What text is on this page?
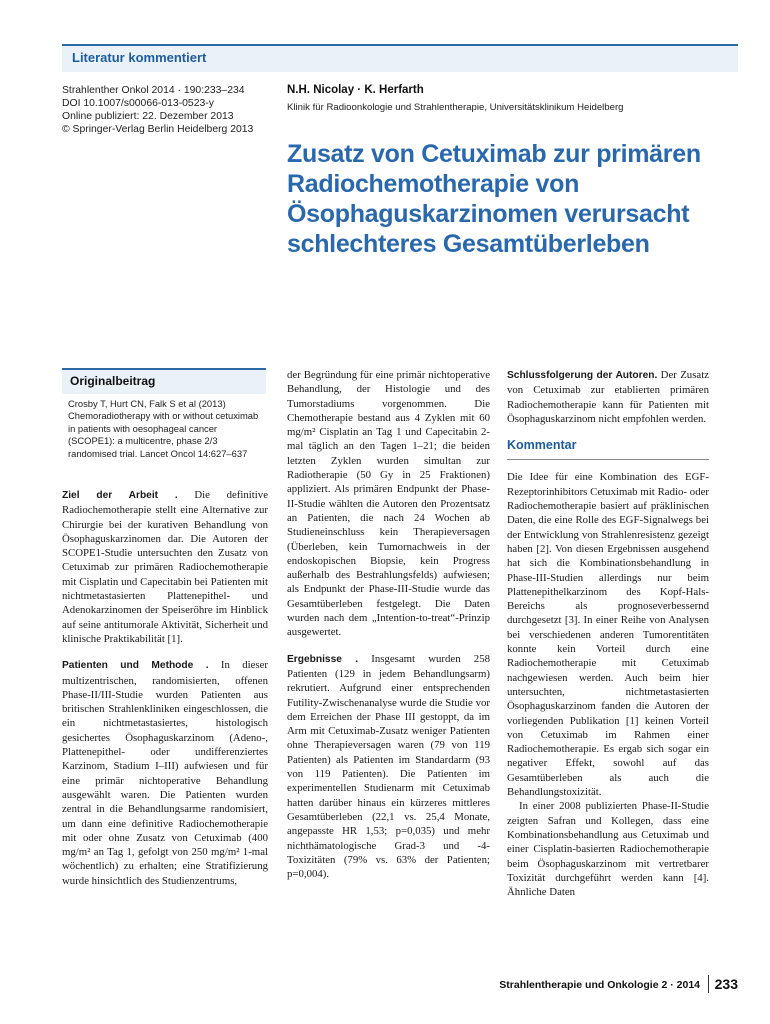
Literatur kommentiert
Strahlenther Onkol 2014 · 190:233–234
DOI 10.1007/s00066-013-0523-y
Online publiziert: 22. Dezember 2013
© Springer-Verlag Berlin Heidelberg 2013
N.H. Nicolay · K. Herfarth
Klinik für Radioonkologie und Strahlentherapie, Universitätsklinikum Heidelberg
Zusatz von Cetuximab zur primären Radiochemotherapie von Ösophaguskarzinomen verursacht schlechteres Gesamtüberleben
Originalbeitrag
Crosby T, Hurt CN, Falk S et al (2013) Chemoradiotherapy with or without cetuximab in patients with oesophageal cancer (SCOPE1): a multicentre, phase 2/3 randomised trial. Lancet Oncol 14:627–637

Ziel der Arbeit . Die definitive Radiochemotherapie stellt eine Alternative zur Chirurgie bei der kurativen Behandlung von Ösophaguskarzinomen dar. Die Autoren der SCOPE1-Studie untersuchten den Zusatz von Cetuximab zur primären Radiochemotherapie mit Cisplatin und Capecitabin bei Patienten mit nichtmetastasierten Plattenepithel- und Adenokarzinomen der Speiseröhre im Hinblick auf seine antitumorale Aktivität, Sicherheit und klinische Praktikabilität [1].

Patienten und Methode . In dieser multizentrischen, randomisierten, offenen Phase-II/III-Studie wurden Patienten aus britischen Strahlenkliniken eingeschlossen, die ein nichtmetastasiertes, histologisch gesichertes Ösophaguskarzinom (Adeno-, Plattenepithel- oder undifferenziertes Karzinom, Stadium I–III) aufwiesen und für eine primär nichtoperative Behandlung ausgewählt waren. Die Patienten wurden zentral in die Behandlungsarme randomisiert, um dann eine definitive Radiochemotherapie mit oder ohne Zusatz von Cetuximab (400 mg/m² an Tag 1, gefolgt von 250 mg/m² 1-mal wöchentlich) zu erhalten; eine Stratifizierung wurde hinsichtlich des Studienzentrums,

der Begründung für eine primär nichtoperative Behandlung, der Histologie und des Tumorstadiums vorgenommen. Die Chemotherapie bestand aus 4 Zyklen mit 60 mg/m² Cisplatin an Tag 1 und Capecitabin 2-mal täglich an den Tagen 1–21; die beiden letzten Zyklen wurden simultan zur Radiotherapie (50 Gy in 25 Fraktionen) appliziert. Als primären Endpunkt der Phase-II-Studie wählten die Autoren den Prozentsatz an Patienten, die nach 24 Wochen ab Studieneinschluss kein Therapieversagen (Überleben, kein Tumornachweis in der endoskopischen Biopsie, kein Progress außerhalb des Bestrahlungsfelds) aufwiesen; als Endpunkt der Phase-III-Studie wurde das Gesamtüberleben festgelegt. Die Daten wurden nach dem „Intention-to-treat“-Prinzip ausgewertet.

Ergebnisse . Insgesamt wurden 258 Patienten (129 in jedem Behandlungsarm) rekrutiert. Aufgrund einer entsprechenden Futility-Zwischenanalyse wurde die Studie vor dem Erreichen der Phase III gestoppt, da im Arm mit Cetuximab-Zusatz weniger Patienten ohne Therapieversagen waren (79 von 119 Patienten) als Patienten im Standardarm (93 von 119 Patienten). Die Patienten im experimentellen Studienarm mit Cetuximab hatten darüber hinaus ein kürzeres mittleres Gesamtüberleben (22,1 vs. 25,4 Monate, angepasste HR 1,53; p=0,035) und mehr nichthämatologische Grad-3 und -4-Toxizitäten (79% vs. 63% der Patienten; p=0,004).

Schlussfolgerung der Autoren. Der Zusatz von Cetuximab zur etablierten primären Radiochemotherapie kann für Patienten mit Ösophaguskarzinom nicht empfohlen werden.

Kommentar

Die Idee für eine Kombination des EGF-Rezeptorinhibitors Cetuximab mit Radio- oder Radiochemotherapie basiert auf präklinischen Daten, die eine Rolle des EGF-Signalwegs bei der Entwicklung von Strahlenresistenz gezeigt haben [2]. Von diesen Ergebnissen ausgehend hat sich die Kombinationsbehandlung in Phase-III-Studien allerdings nur beim Plattenepithelkarzinom des Kopf-Hals-Bereichs als prognoseverbessernd durchgesetzt [3]. In einer Reihe von Analysen bei verschiedenen anderen Tumorentitäten konnte kein Vorteil durch eine Radiochemotherapie mit Cetuximab nachgewiesen werden. Auch beim hier untersuchten, nichtmetastasierten Ösophaguskarzinom fanden die Autoren der vorliegenden Publikation [1] keinen Vorteil von Cetuximab im Rahmen einer Radiochemotherapie. Es ergab sich sogar ein negativer Effekt, sowohl auf das Gesamtüberleben als auch die Behandlungstoxizität.

In einer 2008 publizierten Phase-II-Studie zeigten Safran und Kollegen, dass eine Kombinationsbehandlung aus Cetuximab und einer Cisplatin-basierten Radiochemotherapie beim Ösophaguskarzinom mit vertretbarer Toxizität durchgeführt werden kann [4]. Ähnliche Daten

Strahlentherapie und Onkologie 2 · 2014 233
